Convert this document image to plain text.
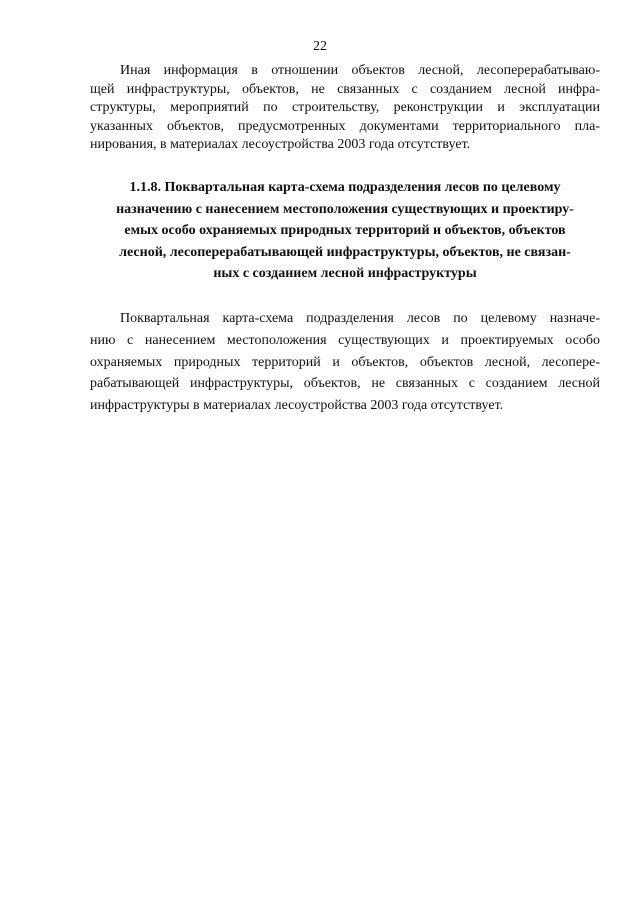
22

Иная информация в отношении объектов лесной, лесоперерабатываю-
щей инфраструктуры, объектов, не связанных с созданием лесной инфра-
структуры, мероприятий по строительству, реконструкции и эксплуатации
указанных объектов, предусмотренных документами территориального пла-
нирования, в материалах лесоустройства 2003 года отсутствует.

1.1.8. Поквартальная карта-схема подразделения лесов по целевому
назначению с нанесением местоположения существующих и проектиру-
емых особо охраняемых природных территорий и объектов, объектов
лесной, лесоперерабатывающей инфраструктуры, объектов, не связан-
ных с созданием лесной инфраструктуры

Поквартальная карта-схема подразделения лесов по целевому назначе-
нию с нанесением местоположения существующих и проектируемых особо
охраняемых природных территорий и объектов, объектов лесной, лесопере-
рабатывающей инфраструктуры, объектов, не связанных с созданием лесной
инфраструктуры в материалах лесоустройства 2003 года отсутствует.
